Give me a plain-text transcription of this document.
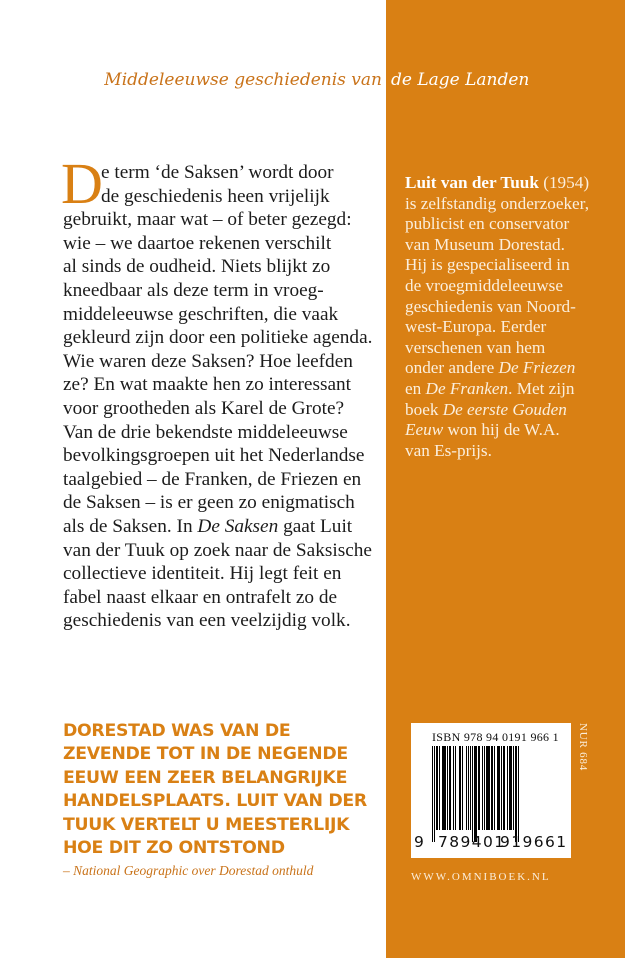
Middeleeuwse geschiedenis van de Lage Landen
D
e term ‘de Saksen’ wordt door
de geschiedenis heen vrijelijk
gebruikt, maar wat – of beter gezegd:
wie – we daartoe rekenen verschilt
al sinds de oudheid. Niets blijkt zo
kneedbaar als deze term in vroeg-
middeleeuwse geschriften, die vaak
gekleurd zijn door een politieke agenda.
Wie waren deze Saksen? Hoe leefden
ze? En wat maakte hen zo interessant
voor grootheden als Karel de Grote?
Van de drie bekendste middeleeuwse
bevolkingsgroepen uit het Nederlandse
taalgebied – de Franken, de Friezen en
de Saksen – is er geen zo enigmatisch
als de Saksen. In De Saksen gaat Luit
van der Tuuk op zoek naar de Saksische
collectieve identiteit. Hij legt feit en
fabel naast elkaar en ontrafelt zo de
geschiedenis van een veelzijdig volk.
Luit van der Tuuk (1954)
is zelfstandig onderzoeker,
publicist en conservator
van Museum Dorestad.
Hij is gespecialiseerd in
de vroegmiddeleeuwse
geschiedenis van Noord-
west-Europa. Eerder
verschenen van hem
onder andere De Friezen
en De Franken. Met zijn
boek De eerste Gouden
Eeuw won hij de W.A.
van Es-prijs.
DORESTAD WAS VAN DE
ZEVENDE TOT IN DE NEGENDE
EEUW EEN ZEER BELANGRIJKE
HANDELSPLAATS. LUIT VAN DER
TUUK VERTELT U MEESTERLIJK
HOE DIT ZO ONTSTOND
– National Geographic over Dorestad onthuld
ISBN 978 94 0191 966 1
9 789401
919661
NUR 684
WWW.OMNIBOEK.NL
